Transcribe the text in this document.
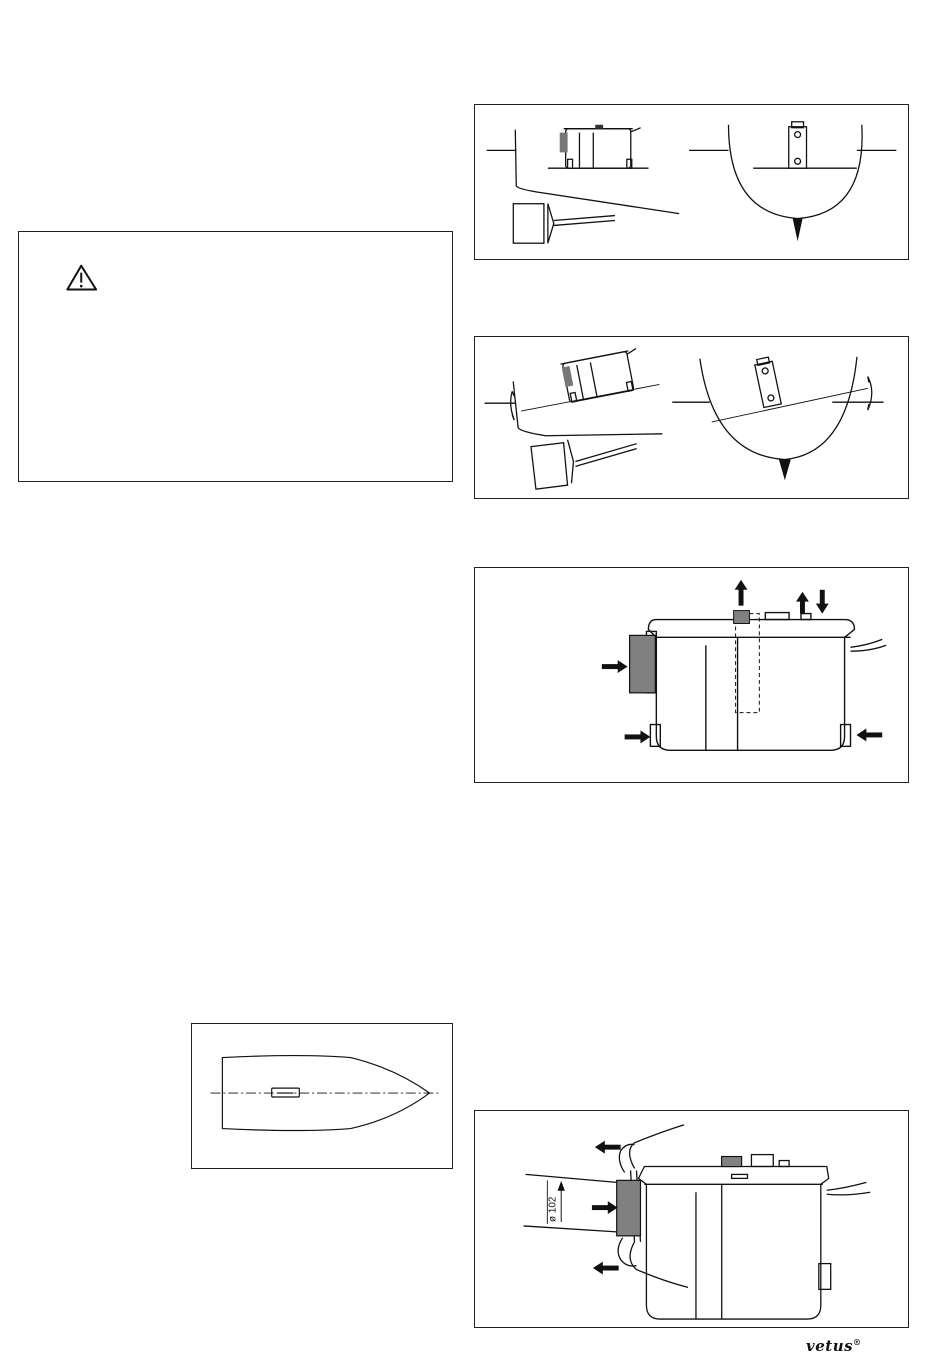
ø 102
vetus®
